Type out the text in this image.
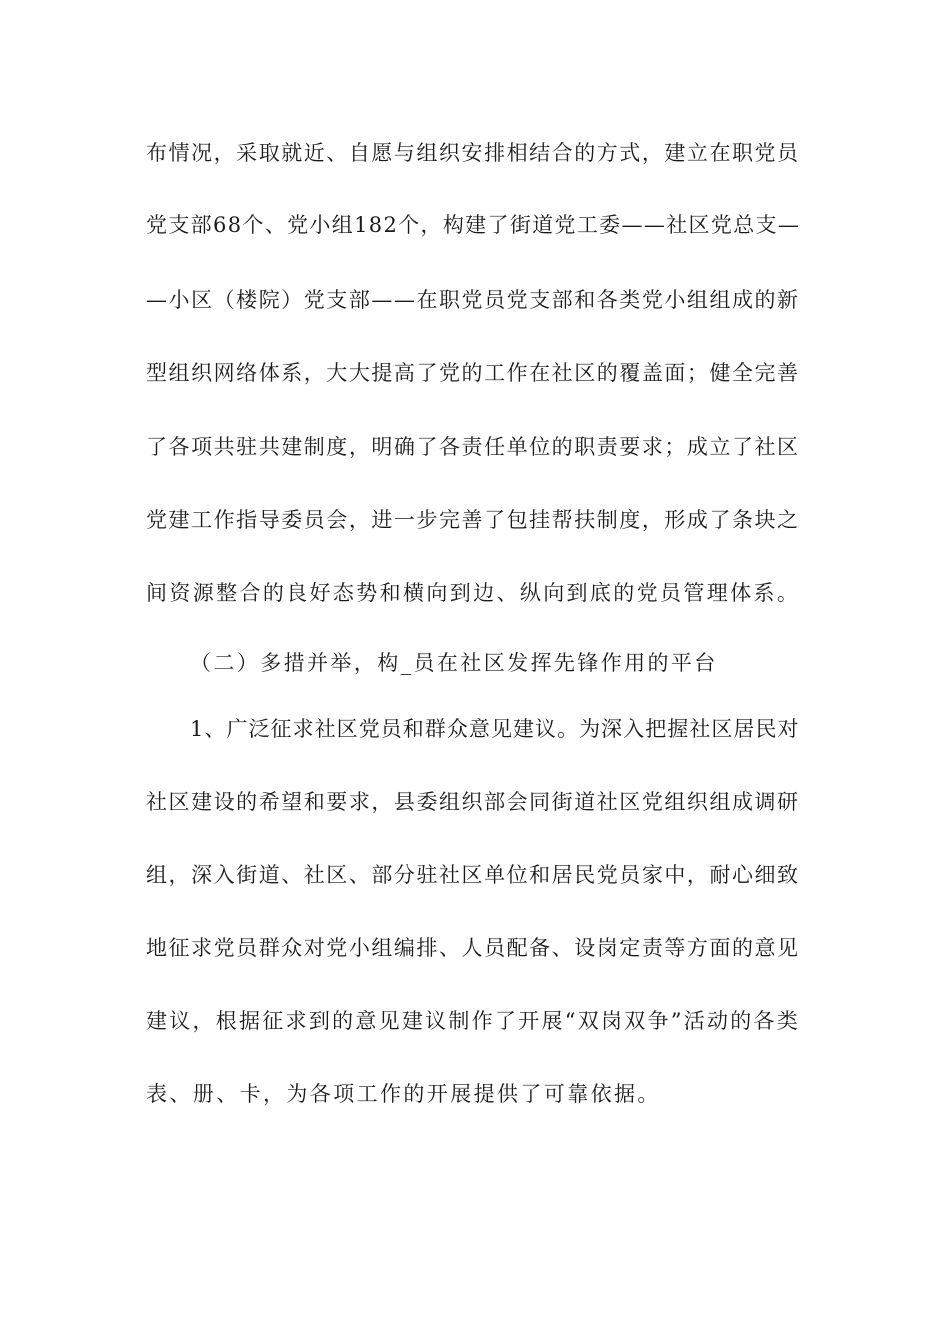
布情况，采取就近、自愿与组织安排相结合的方式，建立在职党员
党支部68个、党小组182个，构建了街道党工委——社区党总支—
—小区（楼院）党支部——在职党员党支部和各类党小组组成的新
型组织网络体系，大大提高了党的工作在社区的覆盖面；健全完善
了各项共驻共建制度，明确了各责任单位的职责要求；成立了社区
党建工作指导委员会，进一步完善了包挂帮扶制度，形成了条块之
间资源整合的良好态势和横向到边、纵向到底的党员管理体系。
（二）多措并举，构_员在社区发挥先锋作用的平台
1、广泛征求社区党员和群众意见建议。为深入把握社区居民对
社区建设的希望和要求，县委组织部会同街道社区党组织组成调研
组，深入街道、社区、部分驻社区单位和居民党员家中，耐心细致
地征求党员群众对党小组编排、人员配备、设岗定责等方面的意见
建议，根据征求到的意见建议制作了开展“双岗双争”活动的各类
表、册、卡，为各项工作的开展提供了可靠依据。
